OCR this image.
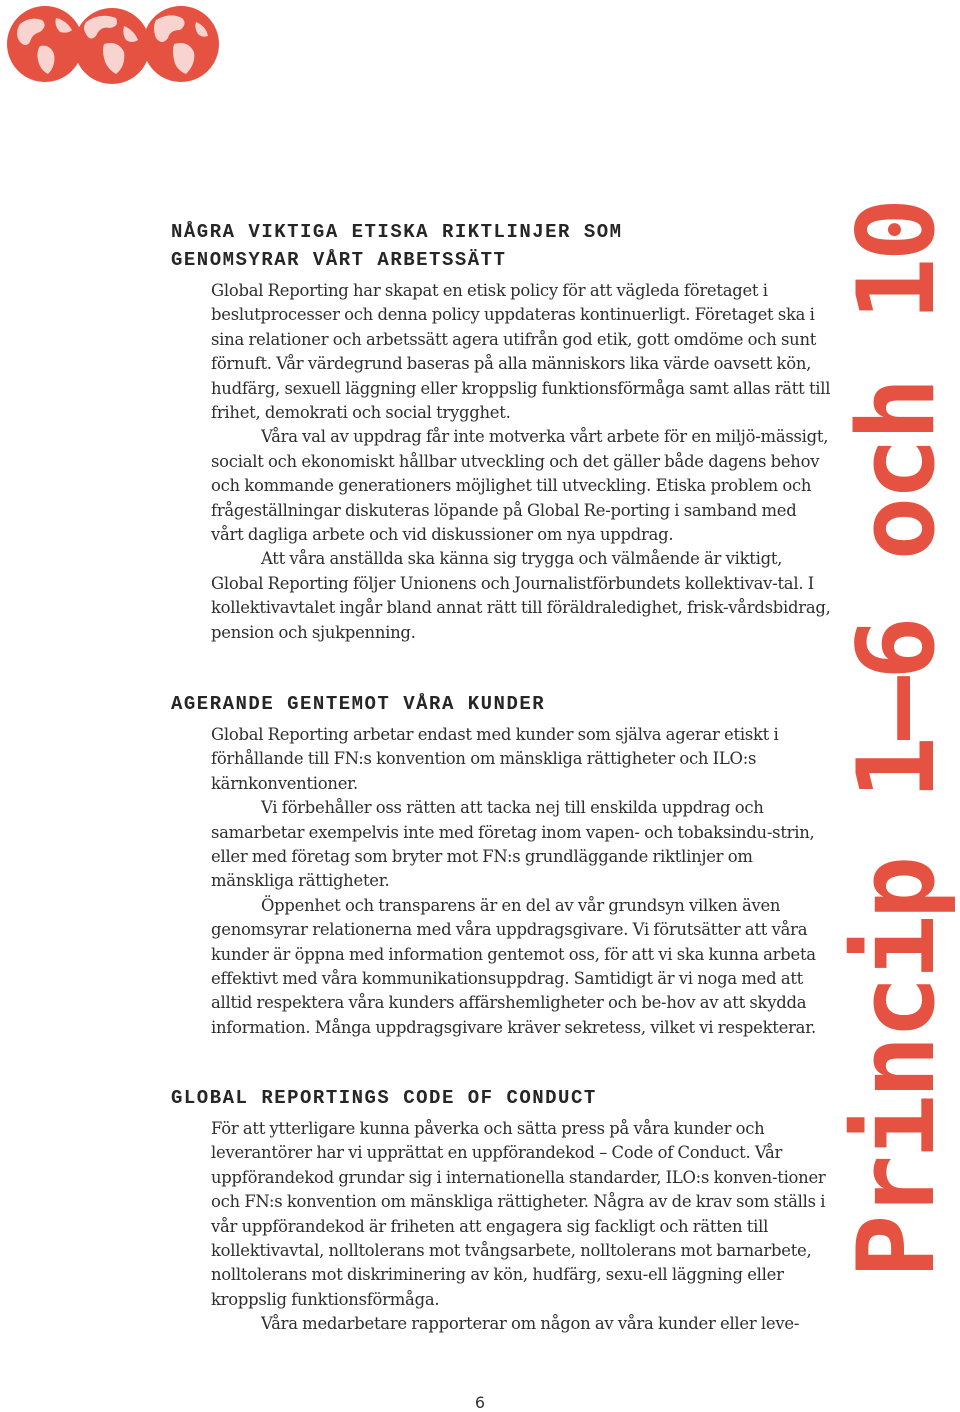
NÅGRA VIKTIGA ETISKA RIKTLINJER SOM
GENOMSYRAR VÅRT ARBETSSÄTT

Global Reporting har skapat en etisk policy för att vägleda företaget i beslutprocesser och denna policy uppdateras kontinuerligt. Företaget ska i sina relationer och arbetssätt agera utifrån god etik, gott omdöme och sunt förnuft. Vår värdegrund baseras på alla människors lika värde oavsett kön, hudfärg, sexuell läggning eller kroppslig funktionsförmåga samt allas rätt till frihet, demokrati och social trygghet.

Våra val av uppdrag får inte motverka vårt arbete för en miljö-mässigt, socialt och ekonomiskt hållbar utveckling och det gäller både dagens behov och kommande generationers möjlighet till utveckling. Etiska problem och frågeställningar diskuteras löpande på Global Re-porting i samband med vårt dagliga arbete och vid diskussioner om nya uppdrag.

Att våra anställda ska känna sig trygga och välmående är viktigt, Global Reporting följer Unionens och Journalistförbundets kollektivav-tal. I kollektivavtalet ingår bland annat rätt till föräldraledighet, frisk-vårdsbidrag, pension och sjukpenning.

AGERANDE GENTEMOT VÅRA KUNDER

Global Reporting arbetar endast med kunder som själva agerar etiskt i förhållande till FN:s konvention om mänskliga rättigheter och ILO:s kärnkonventioner.

Vi förbehåller oss rätten att tacka nej till enskilda uppdrag och samarbetar exempelvis inte med företag inom vapen- och tobaksindu-strin, eller med företag som bryter mot FN:s grundläggande riktlinjer om mänskliga rättigheter.

Öppenhet och transparens är en del av vår grundsyn vilken även genomsyrar relationerna med våra uppdragsgivare. Vi förutsätter att våra kunder är öppna med information gentemot oss, för att vi ska kunna arbeta effektivt med våra kommunikationsuppdrag. Samtidigt är vi noga med att alltid respektera våra kunders affärshemligheter och be-hov av att skydda information. Många uppdragsgivare kräver sekretess, vilket vi respekterar.

GLOBAL REPORTINGS CODE OF CONDUCT

För att ytterligare kunna påverka och sätta press på våra kunder och leverantörer har vi upprättat en uppförandekod – Code of Conduct. Vår uppförandekod grundar sig i internationella standarder, ILO:s konven-tioner och FN:s konvention om mänskliga rättigheter. Några av de krav som ställs i vår uppförandekod är friheten att engagera sig fackligt och rätten till kollektivavtal, nolltolerans mot tvångsarbete, nolltolerans mot barnarbete, nolltolerans mot diskriminering av kön, hudfärg, sexu-ell läggning eller kroppslig funktionsförmåga.

Våra medarbetare rapporterar om någon av våra kunder eller leve-

Princip 1–6 och 10
6
